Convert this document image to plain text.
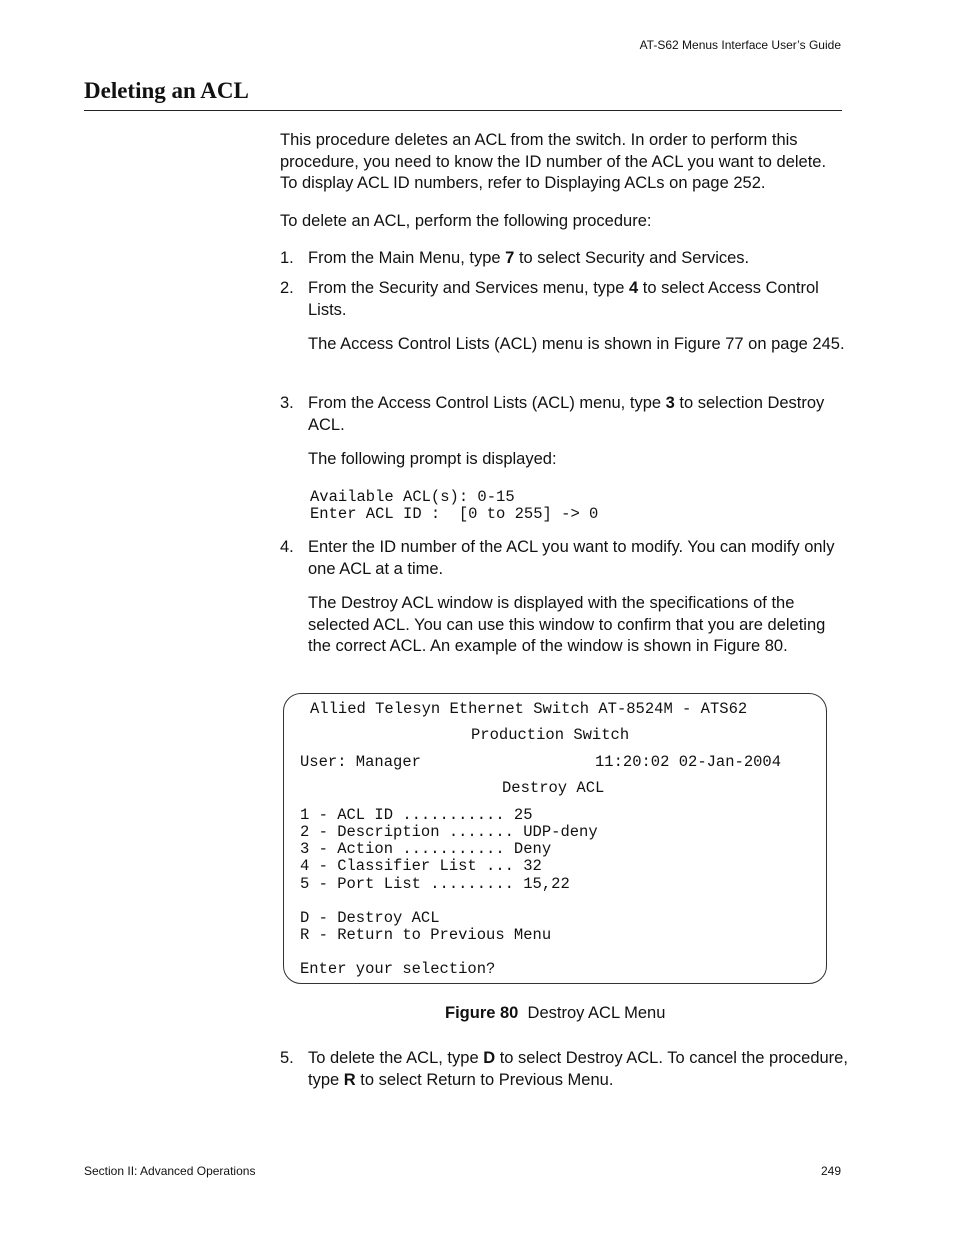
AT-S62 Menus Interface User’s Guide
Deleting an ACL
This procedure deletes an ACL from the switch. In order to perform this procedure, you need to know the ID number of the ACL you want to delete. To display ACL ID numbers, refer to Displaying ACLs on page 252.
To delete an ACL, perform the following procedure:
1. From the Main Menu, type 7 to select Security and Services.
2. From the Security and Services menu, type 4 to select Access Control Lists.
The Access Control Lists (ACL) menu is shown in Figure 77 on page 245.
3. From the Access Control Lists (ACL) menu, type 3 to selection Destroy ACL.
The following prompt is displayed:
Available ACL(s): 0-15
Enter ACL ID :  [0 to 255] -> 0
4. Enter the ID number of the ACL you want to modify. You can modify only one ACL at a time.
The Destroy ACL window is displayed with the specifications of the selected ACL. You can use this window to confirm that you are deleting the correct ACL. An example of the window is shown in Figure 80.
Allied Telesyn Ethernet Switch AT-8524M - ATS62
Production Switch
User: Manager	11:20:02 02-Jan-2004
Destroy ACL
1 - ACL ID ........... 25
2 - Description ....... UDP-deny
3 - Action ........... Deny
4 - Classifier List ... 32
5 - Port List ......... 15,22
D - Destroy ACL
R - Return to Previous Menu
Enter your selection?
Figure 80 Destroy ACL Menu
5. To delete the ACL, type D to select Destroy ACL. To cancel the procedure, type R to select Return to Previous Menu.
Section II: Advanced Operations	249
